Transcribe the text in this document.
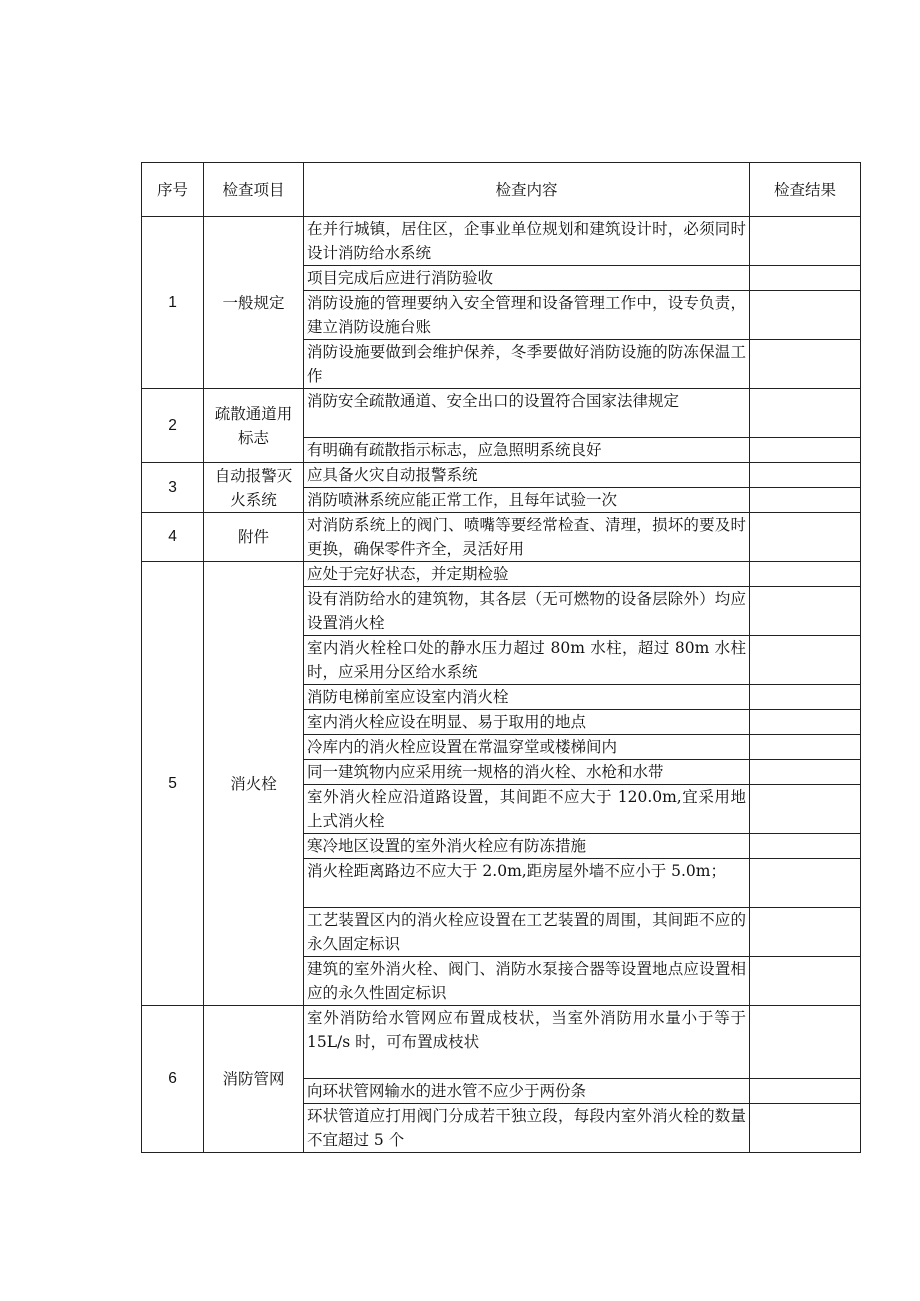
序号	检查项目	检查内容	检查结果
1	一般规定	在并行城镇，居住区，企事业单位规划和建筑设计时，必须同时设计消防给水系统	
		项目完成后应进行消防验收	
		消防设施的管理要纳入安全管理和设备管理工作中，设专负责，建立消防设施台账	
		消防设施要做到会维护保养，冬季要做好消防设施的防冻保温工作	
2	疏散通道用标志	消防安全疏散通道、安全出口的设置符合国家法律规定	
		有明确有疏散指示标志，应急照明系统良好	
3	自动报警灭火系统	应具备火灾自动报警系统	
		消防喷淋系统应能正常工作，且每年试验一次	
4	附件	对消防系统上的阀门、喷嘴等要经常检查、清理，损坏的要及时更换，确保零件齐全，灵活好用	
5	消火栓	应处于完好状态，并定期检验	
		设有消防给水的建筑物，其各层（无可燃物的设备层除外）均应设置消火栓	
		室内消火栓栓口处的静水压力超过 80m 水柱，超过 80m 水柱时，应采用分区给水系统	
		消防电梯前室应设室内消火栓	
		室内消火栓应设在明显、易于取用的地点	
		冷库内的消火栓应设置在常温穿堂或楼梯间内	
		同一建筑物内应采用统一规格的消火栓、水枪和水带	
		室外消火栓应沿道路设置，其间距不应大于 120.0m,宜采用地上式消火栓	
		寒冷地区设置的室外消火栓应有防冻措施	
		消火栓距离路边不应大于 2.0m,距房屋外墙不应小于 5.0m；	
		工艺装置区内的消火栓应设置在工艺装置的周围，其间距不应的永久固定标识	
		建筑的室外消火栓、阀门、消防水泵接合器等设置地点应设置相应的永久性固定标识	
6	消防管网	室外消防给水管网应布置成枝状，当室外消防用水量小于等于 15L/s 时，可布置成枝状	
		向环状管网输水的进水管不应少于两份条	
		环状管道应打用阀门分成若干独立段，每段内室外消火栓的数量不宜超过 5 个	
